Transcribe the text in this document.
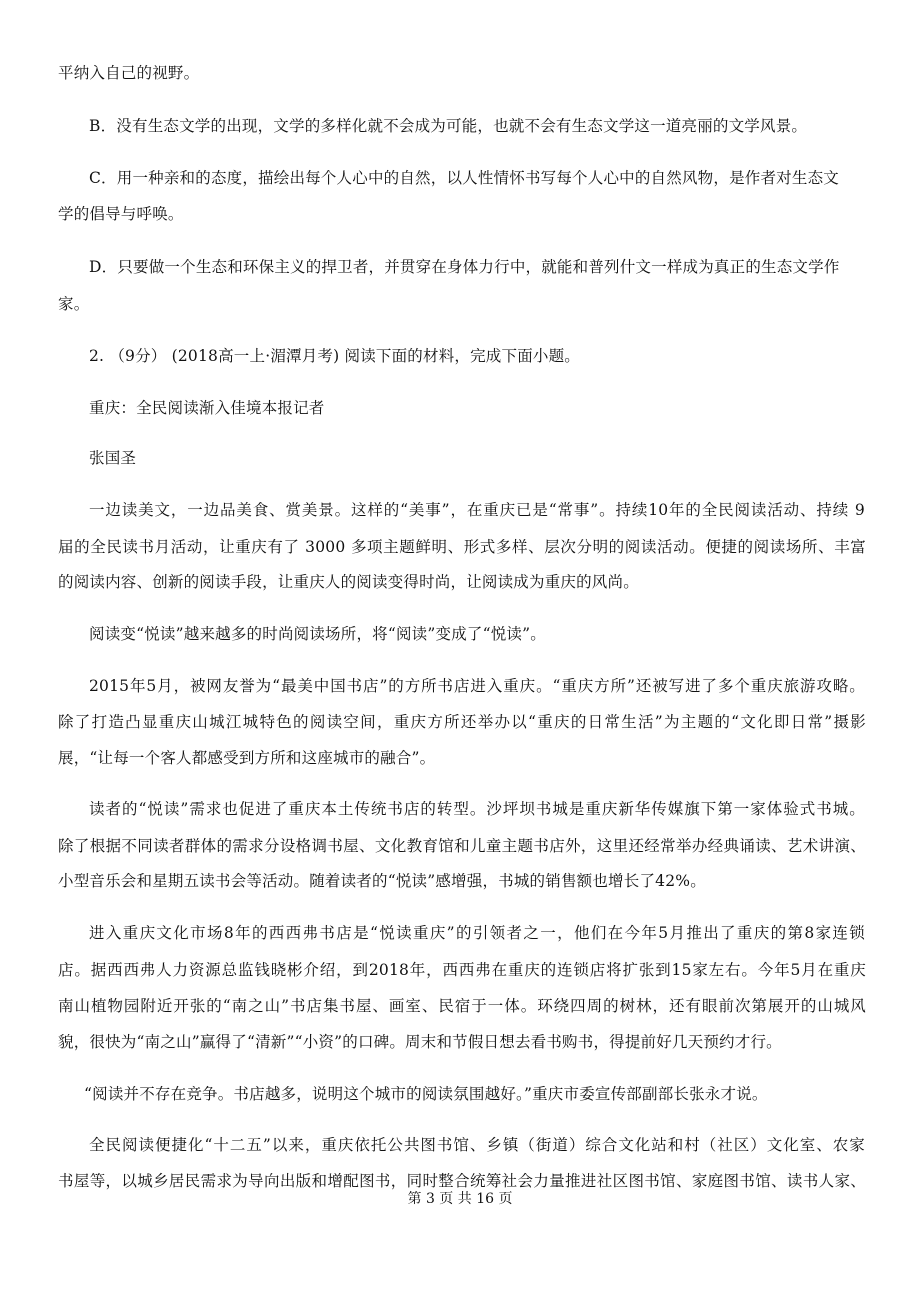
平纳入自己的视野。
B．没有生态文学的出现，文学的多样化就不会成为可能，也就不会有生态文学这一道亮丽的文学风景。
C．用一种亲和的态度，描绘出每个人心中的自然，以人性情怀书写每个人心中的自然风物，是作者对生态文
学的倡导与呼唤。
D．只要做一个生态和环保主义的捍卫者，并贯穿在身体力行中，就能和普列什文一样成为真正的生态文学作
家。
2. （9分） (2018高一上·湄潭月考) 阅读下面的材料，完成下面小题。
重庆：全民阅读渐入佳境本报记者
张国圣
一边读美文，一边品美食、赏美景。这样的“美事”，在重庆已是“常事”。持续10年的全民阅读活动、持续 9
届的全民读书月活动，让重庆有了 3000 多项主题鲜明、形式多样、层次分明的阅读活动。便捷的阅读场所、丰富
的阅读内容、创新的阅读手段，让重庆人的阅读变得时尚，让阅读成为重庆的风尚。
阅读变“悦读”越来越多的时尚阅读场所，将“阅读”变成了“悦读”。
2015年5月，被网友誉为“最美中国书店”的方所书店进入重庆。“重庆方所”还被写进了多个重庆旅游攻略。
除了打造凸显重庆山城江城特色的阅读空间，重庆方所还举办以“重庆的日常生活”为主题的“文化即日常”摄影
展，“让每一个客人都感受到方所和这座城市的融合”。
读者的“悦读”需求也促进了重庆本土传统书店的转型。沙坪坝书城是重庆新华传媒旗下第一家体验式书城。
除了根据不同读者群体的需求分设格调书屋、文化教育馆和儿童主题书店外，这里还经常举办经典诵读、艺术讲演、
小型音乐会和星期五读书会等活动。随着读者的“悦读”感增强，书城的销售额也增长了42%。
进入重庆文化市场8年的西西弗书店是“悦读重庆”的引领者之一，他们在今年5月推出了重庆的第8家连锁
店。据西西弗人力资源总监钱晓彬介绍，到2018年，西西弗在重庆的连锁店将扩张到15家左右。今年5月在重庆
南山植物园附近开张的“南之山”书店集书屋、画室、民宿于一体。环绕四周的树林，还有眼前次第展开的山城风
貌，很快为“南之山”赢得了“清新”“小资”的口碑。周末和节假日想去看书购书，得提前好几天预约才行。
“阅读并不存在竞争。书店越多，说明这个城市的阅读氛围越好。”重庆市委宣传部副部长张永才说。
全民阅读便捷化“十二五”以来，重庆依托公共图书馆、乡镇（街道）综合文化站和村（社区）文化室、农家
书屋等，以城乡居民需求为导向出版和增配图书，同时整合统筹社会力量推进社区图书馆、家庭图书馆、读书人家、
第 3 页 共 16 页
